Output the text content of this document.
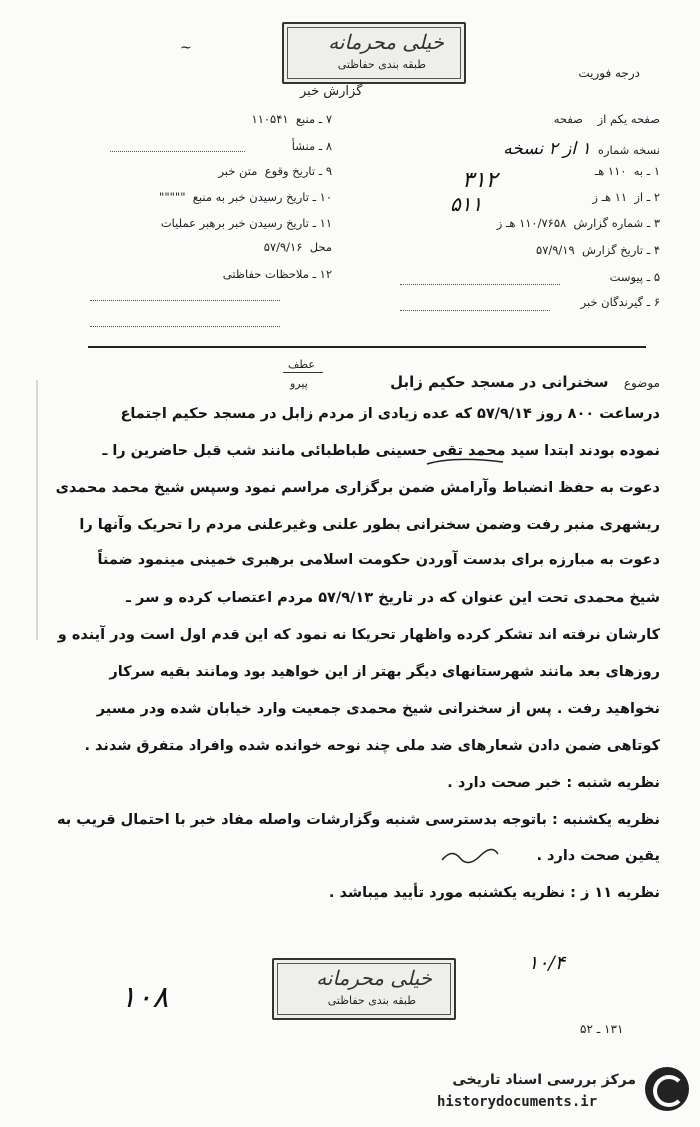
خیلی محرمانه
طبقه بندی حفاظتی
گزارش خبر
درجه فوریت
~
صفحه یکم از    صفحه
نسخه شماره  ۱ از ۲ نسخه
۱ ـ به  ۱۱۰ هـ
۲ ـ از  ۱۱ هـ ز
۳ ـ شماره گزارش  ۱۱۰/۷۶۵۸ هـ ز
۴ ـ تاریخ گزارش  ۵۷/۹/۱۹
۵ ـ پیوست
۶ ـ گیرندگان خبر
۳۱۲
۵۱۱
۷ ـ منبع  ۱۱۰۵۴۱
۸ ـ منشأ
۹ ـ تاریخ وقوع  متن خبر
۱۰ ـ تاریخ رسیدن خبر به منبع  """""
۱۱ ـ تاریخ رسیدن خبر برهبر عملیات
محل  ۵۷/۹/۱۶
۱۲ ـ ملاحظات حفاظتی
عطف
پیرو	موضوع   سخنرانی در مسجد حکیم زابل
درساعت ۸۰۰ روز ۵۷/۹/۱۴ که عده زیادی از مردم زابل در مسجد حکیم اجتماع
نموده بودند ابتدا سید محمد تقی حسینی طباطبائی مانند شب قبل حاضرین را ـ
دعوت به حفظ انضباط وآرامش ضمن برگزاری مراسم نمود وسپس شیخ محمد محمدی
ریشهری منبر رفت وضمن سخنرانی بطور علنی وغیرعلنی مردم را تحریک وآنها را
دعوت به مبارزه برای بدست آوردن حکومت اسلامی برهبری خمینی مینمود ضمناً
شیخ محمدی تحت این عنوان که در تاریخ ۵۷/۹/۱۳ مردم اعتصاب کرده و سر ـ
کارشان نرفته اند تشکر کرده واظهار تحریکا نه نمود که این قدم اول است ودر آینده و
روزهای بعد مانند شهرستانهای دیگر بهتر از این خواهید بود ومانند بقیه سرکار
نخواهید رفت . پس از سخنرانی شیخ محمدی جمعیت وارد خیابان شده ودر مسیر
کوتاهی ضمن دادن شعارهای ضد ملی چند نوحه خوانده شده وافراد متفرق شدند .
نظریه شنبه : خبر صحت دارد .
نظریه یکشنبه : باتوجه بدسترسی شنبه وگزارشات واصله مفاد خبر با احتمال قریب به
یقین صحت دارد .
نظریه ۱۱ ز : نظریه یکشنبه مورد تأیید میباشد .
خیلی محرمانه
طبقه بندی حفاظتی
۱۰/۴
۱۰۸
۱۳۱ ـ ۵۲
مرکز بررسی اسناد تاریخی
historydocuments.ir
